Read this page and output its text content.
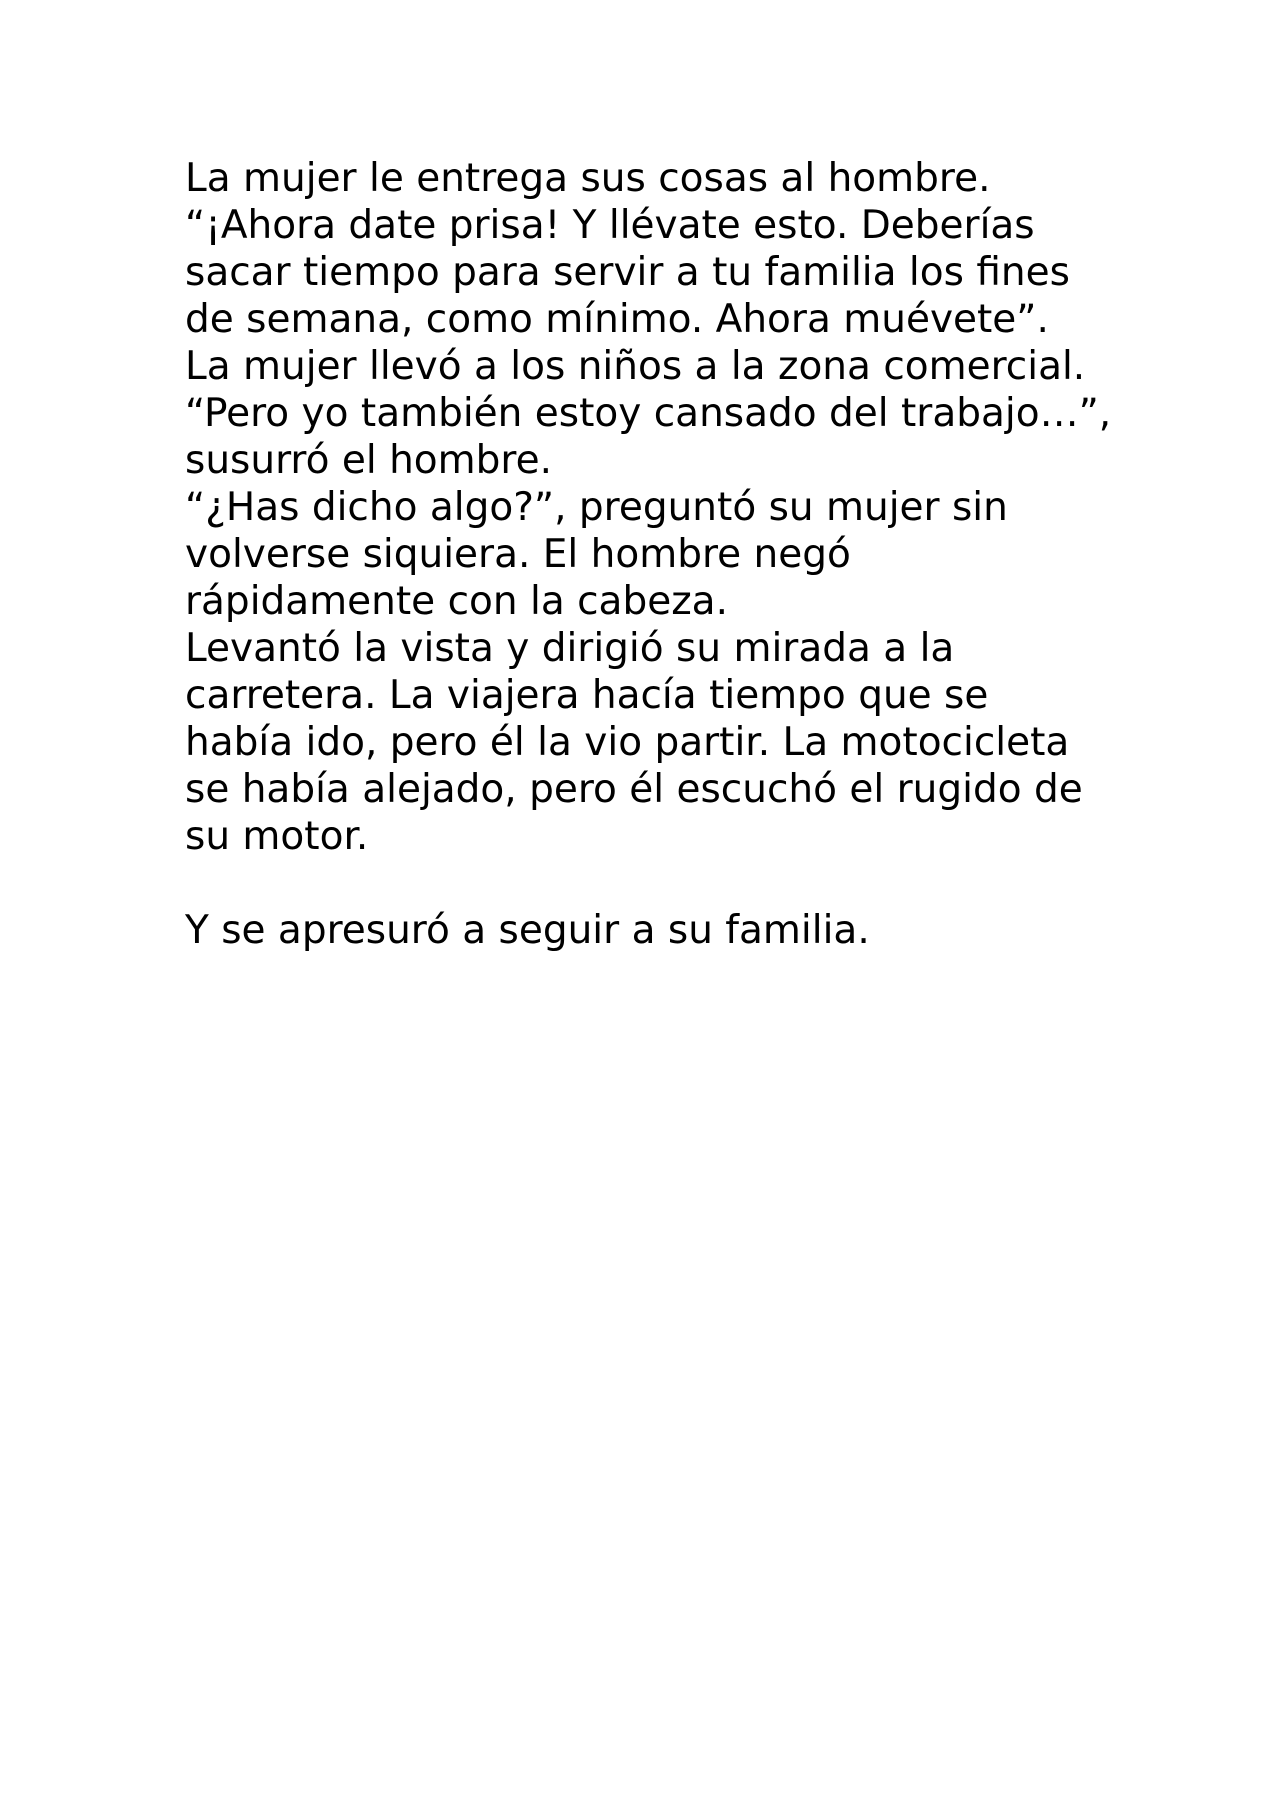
La mujer le entrega sus cosas al hombre.
“¡Ahora date prisa! Y llévate esto. Deberías
sacar tiempo para servir a tu familia los fines
de semana, como mínimo. Ahora muévete”.
La mujer llevó a los niños a la zona comercial.
“Pero yo también estoy cansado del trabajo…”,
susurró el hombre.
“¿Has dicho algo?”, preguntó su mujer sin
volverse siquiera. El hombre negó
rápidamente con la cabeza.
Levantó la vista y dirigió su mirada a la
carretera. La viajera hacía tiempo que se
había ido, pero él la vio partir. La motocicleta
se había alejado, pero él escuchó el rugido de
su motor.
Y se apresuró a seguir a su familia.
